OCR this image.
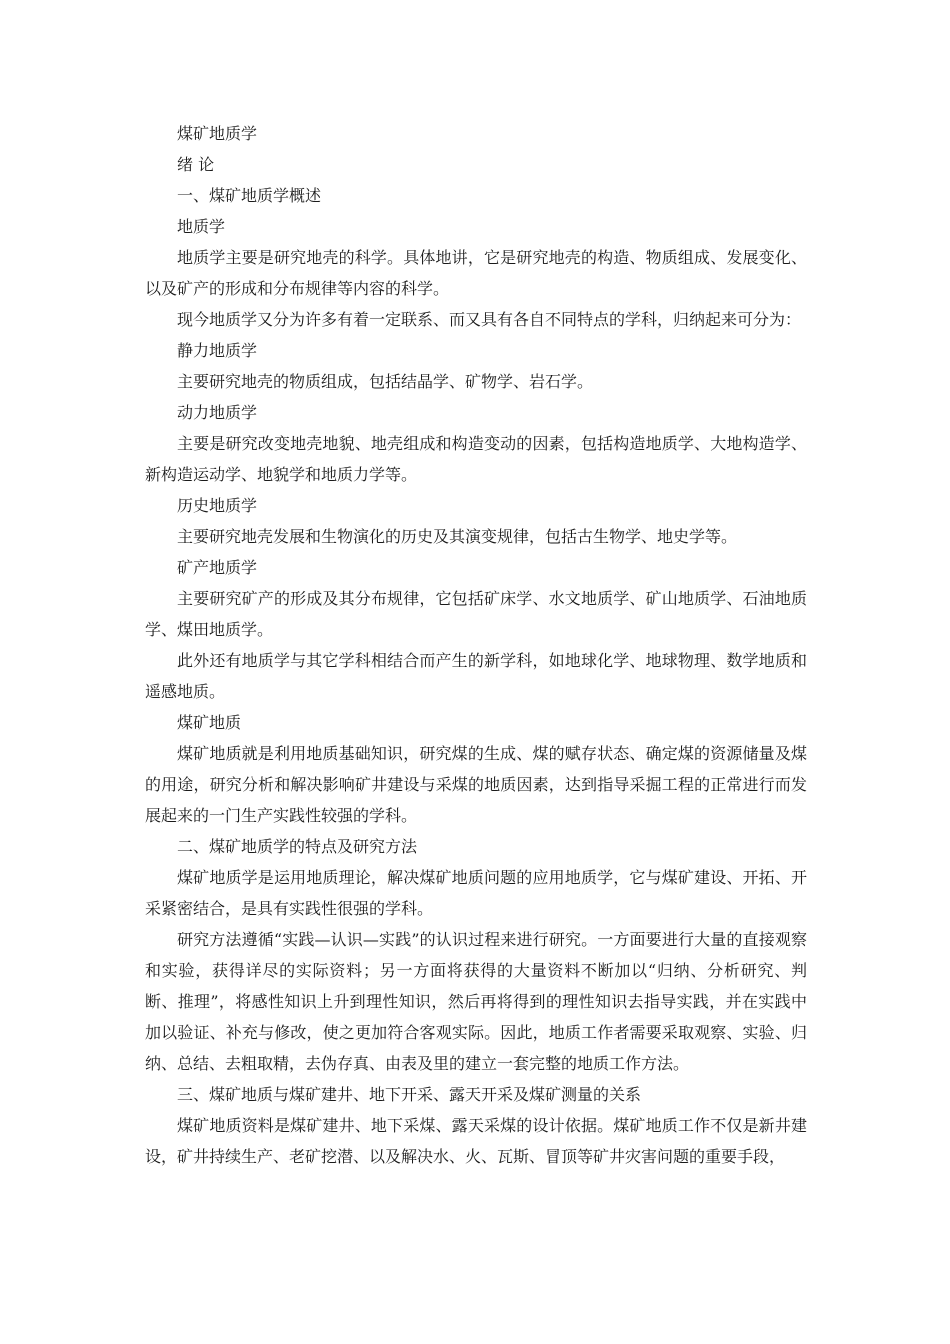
煤矿地质学

绪 论

一、煤矿地质学概述

地质学

地质学主要是研究地壳的科学。具体地讲，它是研究地壳的构造、物质组成、发展变化、以及矿产的形成和分布规律等内容的科学。

现今地质学又分为许多有着一定联系、而又具有各自不同特点的学科，归纳起来可分为：

静力地质学

主要研究地壳的物质组成，包括结晶学、矿物学、岩石学。

动力地质学

主要是研究改变地壳地貌、地壳组成和构造变动的因素，包括构造地质学、大地构造学、新构造运动学、地貌学和地质力学等。

历史地质学

主要研究地壳发展和生物演化的历史及其演变规律，包括古生物学、地史学等。

矿产地质学

主要研究矿产的形成及其分布规律，它包括矿床学、水文地质学、矿山地质学、石油地质学、煤田地质学。

此外还有地质学与其它学科相结合而产生的新学科，如地球化学、地球物理、数学地质和遥感地质。

煤矿地质

煤矿地质就是利用地质基础知识，研究煤的生成、煤的赋存状态、确定煤的资源储量及煤的用途，研究分析和解决影响矿井建设与采煤的地质因素，达到指导采掘工程的正常进行而发展起来的一门生产实践性较强的学科。

二、煤矿地质学的特点及研究方法

煤矿地质学是运用地质理论，解决煤矿地质问题的应用地质学，它与煤矿建设、开拓、开采紧密结合，是具有实践性很强的学科。

研究方法遵循“实践—认识—实践”的认识过程来进行研究。一方面要进行大量的直接观察和实验，获得详尽的实际资料；另一方面将获得的大量资料不断加以“归纳、分析研究、判断、推理”，将感性知识上升到理性知识，然后再将得到的理性知识去指导实践，并在实践中加以验证、补充与修改，使之更加符合客观实际。因此，地质工作者需要采取观察、实验、归纳、总结、去粗取精，去伪存真、由表及里的建立一套完整的地质工作方法。

三、煤矿地质与煤矿建井、地下开采、露天开采及煤矿测量的关系

煤矿地质资料是煤矿建井、地下采煤、露天采煤的设计依据。煤矿地质工作不仅是新井建设，矿井持续生产、老矿挖潜、以及解决水、火、瓦斯、冒顶等矿井灾害问题的重要手段，
